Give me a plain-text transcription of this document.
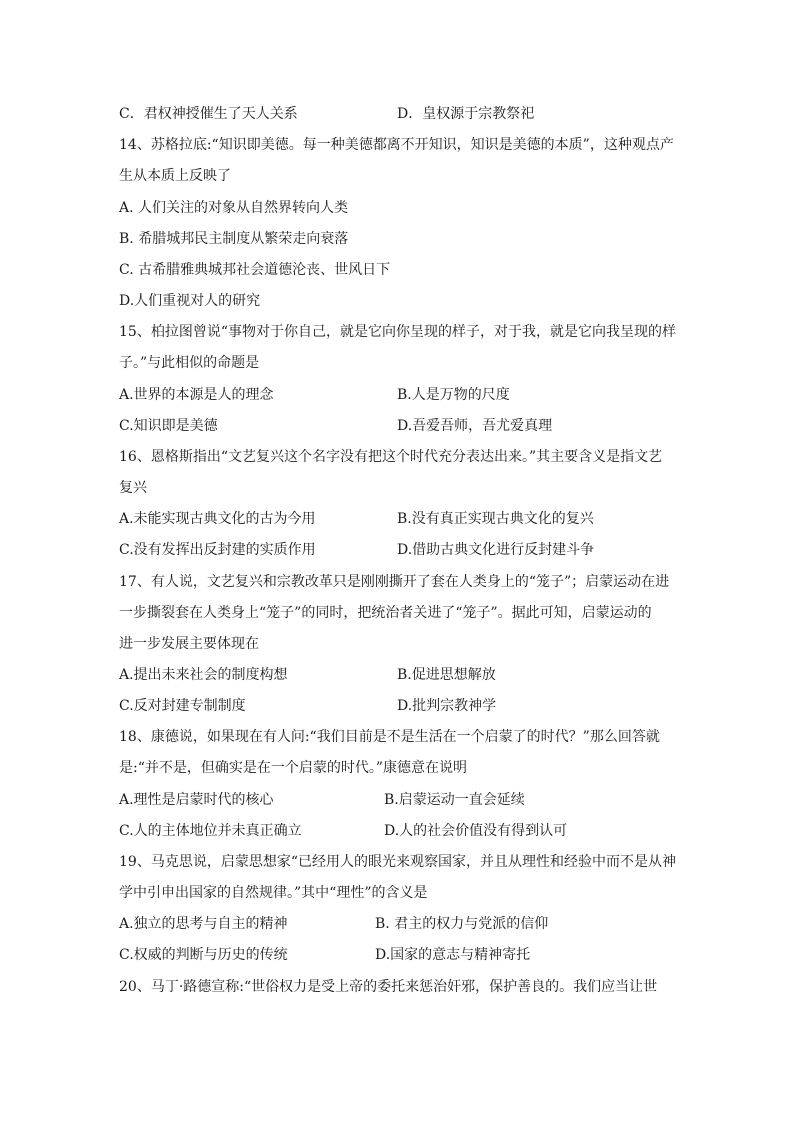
C．君权神授催生了天人关系	D．皇权源于宗教祭祀
14、苏格拉底:“知识即美德。每一种美德都离不开知识，知识是美德的本质”，这种观点产
生从本质上反映了
A. 人们关注的对象从自然界转向人类
B. 希腊城邦民主制度从繁荣走向衰落
C. 古希腊雅典城邦社会道德沦丧、世风日下
D.人们重视对人的研究
15、柏拉图曾说“事物对于你自己，就是它向你呈现的样子，对于我，就是它向我呈现的样
子。”与此相似的命题是
A.世界的本源是人的理念	B.人是万物的尺度
C.知识即是美德	D.吾爱吾师，吾尤爱真理
16、恩格斯指出“文艺复兴这个名字没有把这个时代充分表达出来。”其主要含义是指文艺
复兴
A.未能实现古典文化的古为今用	B.没有真正实现古典文化的复兴
C.没有发挥出反封建的实质作用	D.借助古典文化进行反封建斗争
17、有人说，文艺复兴和宗教改革只是刚刚撕开了套在人类身上的“笼子”；启蒙运动在进
一步撕裂套在人类身上“笼子”的同时，把统治者关进了“笼子”。据此可知，启蒙运动的
进一步发展主要体现在
A.提出未来社会的制度构想	B.促进思想解放
C.反对封建专制制度	D.批判宗教神学
18、康德说，如果现在有人问:“我们目前是不是生活在一个启蒙了的时代？”那么回答就
是:“并不是，但确实是在一个启蒙的时代。”康德意在说明
A.理性是启蒙时代的核心	B.启蒙运动一直会延续
C.人的主体地位并未真正确立	D.人的社会价值没有得到认可
19、马克思说，启蒙思想家“已经用人的眼光来观察国家，并且从理性和经验中而不是从神
学中引申出国家的自然规律。”其中“理性”的含义是
A.独立的思考与自主的精神	B. 君主的权力与党派的信仰
C.权威的判断与历史的传统	D.国家的意志与精神寄托
20、马丁·路德宣称:“世俗权力是受上帝的委托来惩治奸邪，保护善良的。我们应当让世
